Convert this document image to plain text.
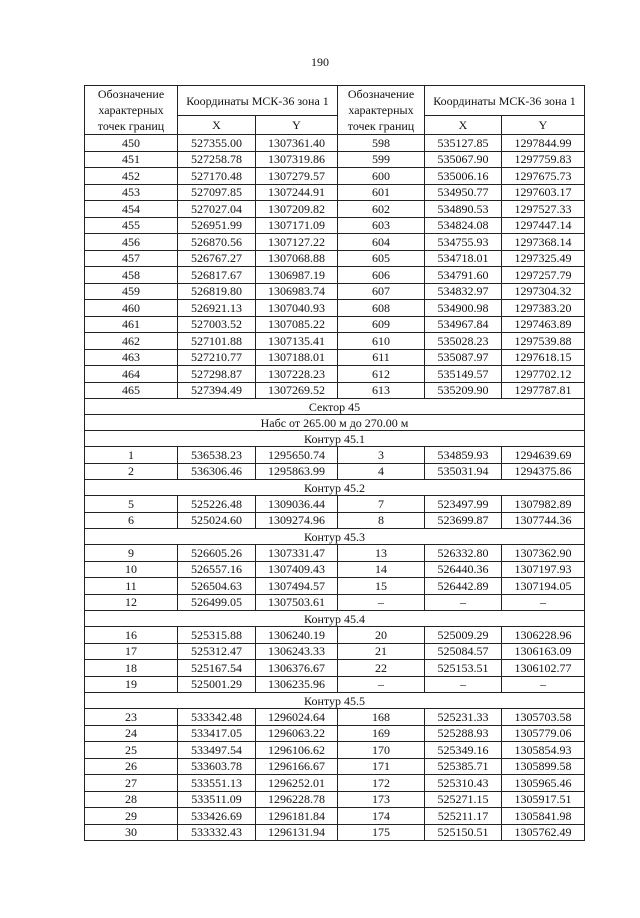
190
Обозначение характерных точек границ	Координаты МСК-36 зона 1		Обозначение характерных точек границ	Координаты МСК-36 зона 1	
	X	Y		X	Y
450	527355.00	1307361.40	598	535127.85	1297844.99
451	527258.78	1307319.86	599	535067.90	1297759.83
452	527170.48	1307279.57	600	535006.16	1297675.73
453	527097.85	1307244.91	601	534950.77	1297603.17
454	527027.04	1307209.82	602	534890.53	1297527.33
455	526951.99	1307171.09	603	534824.08	1297447.14
456	526870.56	1307127.22	604	534755.93	1297368.14
457	526767.27	1307068.88	605	534718.01	1297325.49
458	526817.67	1306987.19	606	534791.60	1297257.79
459	526819.80	1306983.74	607	534832.97	1297304.32
460	526921.13	1307040.93	608	534900.98	1297383.20
461	527003.52	1307085.22	609	534967.84	1297463.89
462	527101.88	1307135.41	610	535028.23	1297539.88
463	527210.77	1307188.01	611	535087.97	1297618.15
464	527298.87	1307228.23	612	535149.57	1297702.12
465	527394.49	1307269.52	613	535209.90	1297787.81
Сектор 45					
Набс от 265.00 м до 270.00 м					
Контур 45.1					
1	536538.23	1295650.74	3	534859.93	1294639.69
2	536306.46	1295863.99	4	535031.94	1294375.86
Контур 45.2					
5	525226.48	1309036.44	7	523497.99	1307982.89
6	525024.60	1309274.96	8	523699.87	1307744.36
Контур 45.3					
9	526605.26	1307331.47	13	526332.80	1307362.90
10	526557.16	1307409.43	14	526440.36	1307197.93
11	526504.63	1307494.57	15	526442.89	1307194.05
12	526499.05	1307503.61	–	–	–
Контур 45.4					
16	525315.88	1306240.19	20	525009.29	1306228.96
17	525312.47	1306243.33	21	525084.57	1306163.09
18	525167.54	1306376.67	22	525153.51	1306102.77
19	525001.29	1306235.96	–	–	–
Контур 45.5					
23	533342.48	1296024.64	168	525231.33	1305703.58
24	533417.05	1296063.22	169	525288.93	1305779.06
25	533497.54	1296106.62	170	525349.16	1305854.93
26	533603.78	1296166.67	171	525385.71	1305899.58
27	533551.13	1296252.01	172	525310.43	1305965.46
28	533511.09	1296228.78	173	525271.15	1305917.51
29	533426.69	1296181.84	174	525211.17	1305841.98
30	533332.43	1296131.94	175	525150.51	1305762.49
